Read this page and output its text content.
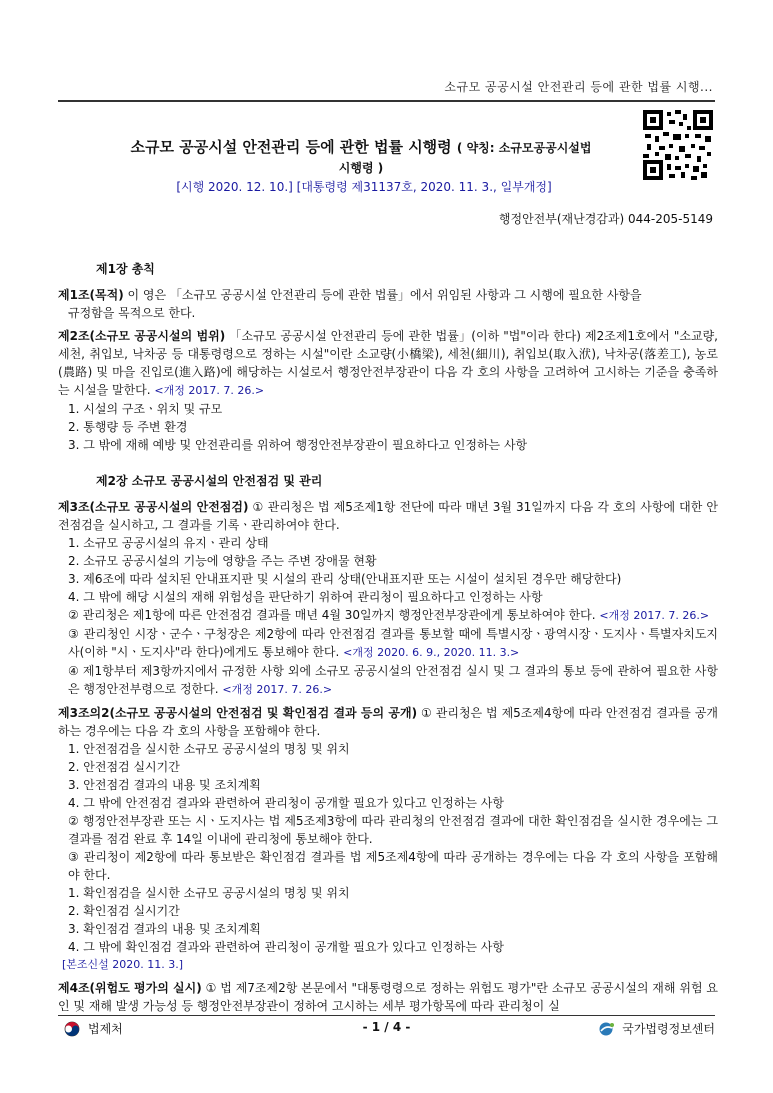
소규모 공공시설 안전관리 등에 관한 법률 시행...
소규모 공공시설 안전관리 등에 관한 법률 시행령 ( 약칭: 소규모공공시설법
시행령 )
[시행 2020. 12. 10.] [대통령령 제31137호, 2020. 11. 3., 일부개정]
행정안전부(재난경감과) 044-205-5149
제1장 총칙
제1조(목적) 이 영은 「소규모 공공시설 안전관리 등에 관한 법률」에서 위임된 사항과 그 시행에 필요한 사항을
규정함을 목적으로 한다.
제2조(소규모 공공시설의 범위) 「소규모 공공시설 안전관리 등에 관한 법률」(이하 "법"이라 한다) 제2조제1호에서 "소교량, 세천, 취입보, 낙차공 등 대통령령으로 정하는 시설"이란 소교량(小橋梁), 세천(細川), 취입보(取入洑), 낙차공(落差工), 농로(農路) 및 마을 진입로(進入路)에 해당하는 시설로서 행정안전부장관이 다음 각 호의 사항을 고려하여 고시하는 기준을 충족하는 시설을 말한다. <개정 2017. 7. 26.>
1. 시설의 구조ㆍ위치 및 규모
2. 통행량 등 주변 환경
3. 그 밖에 재해 예방 및 안전관리를 위하여 행정안전부장관이 필요하다고 인정하는 사항
제2장 소규모 공공시설의 안전점검 및 관리
제3조(소규모 공공시설의 안전점검) ① 관리청은 법 제5조제1항 전단에 따라 매년 3월 31일까지 다음 각 호의 사항에 대한 안전점검을 실시하고, 그 결과를 기록ㆍ관리하여야 한다.
1. 소규모 공공시설의 유지ㆍ관리 상태
2. 소규모 공공시설의 기능에 영향을 주는 주변 장애물 현황
3. 제6조에 따라 설치된 안내표지판 및 시설의 관리 상태(안내표지판 또는 시설이 설치된 경우만 해당한다)
4. 그 밖에 해당 시설의 재해 위험성을 판단하기 위하여 관리청이 필요하다고 인정하는 사항
② 관리청은 제1항에 따른 안전점검 결과를 매년 4월 30일까지 행정안전부장관에게 통보하여야 한다. <개정 2017. 7. 26.>
③ 관리청인 시장ㆍ군수ㆍ구청장은 제2항에 따라 안전점검 결과를 통보할 때에 특별시장ㆍ광역시장ㆍ도지사ㆍ특별자치도지사(이하 "시ㆍ도지사"라 한다)에게도 통보해야 한다. <개정 2020. 6. 9., 2020. 11. 3.>
④ 제1항부터 제3항까지에서 규정한 사항 외에 소규모 공공시설의 안전점검 실시 및 그 결과의 통보 등에 관하여 필요한 사항은 행정안전부령으로 정한다. <개정 2017. 7. 26.>
제3조의2(소규모 공공시설의 안전점검 및 확인점검 결과 등의 공개) ① 관리청은 법 제5조제4항에 따라 안전점검 결과를 공개하는 경우에는 다음 각 호의 사항을 포함해야 한다.
1. 안전점검을 실시한 소규모 공공시설의 명칭 및 위치
2. 안전점검 실시기간
3. 안전점검 결과의 내용 및 조치계획
4. 그 밖에 안전점검 결과와 관련하여 관리청이 공개할 필요가 있다고 인정하는 사항
② 행정안전부장관 또는 시ㆍ도지사는 법 제5조제3항에 따라 관리청의 안전점검 결과에 대한 확인점검을 실시한 경우에는 그 결과를 점검 완료 후 14일 이내에 관리청에 통보해야 한다.
③ 관리청이 제2항에 따라 통보받은 확인점검 결과를 법 제5조제4항에 따라 공개하는 경우에는 다음 각 호의 사항을 포함해야 한다.
1. 확인점검을 실시한 소규모 공공시설의 명칭 및 위치
2. 확인점검 실시기간
3. 확인점검 결과의 내용 및 조치계획
4. 그 밖에 확인점검 결과와 관련하여 관리청이 공개할 필요가 있다고 인정하는 사항
[본조신설 2020. 11. 3.]
제4조(위험도 평가의 실시) ① 법 제7조제2항 본문에서 "대통령령으로 정하는 위험도 평가"란 소규모 공공시설의 재해 위험 요인 및 재해 발생 가능성 등 행정안전부장관이 정하여 고시하는 세부 평가항목에 따라 관리청이 실
법제처	- 1 / 4 -	국가법령정보센터
